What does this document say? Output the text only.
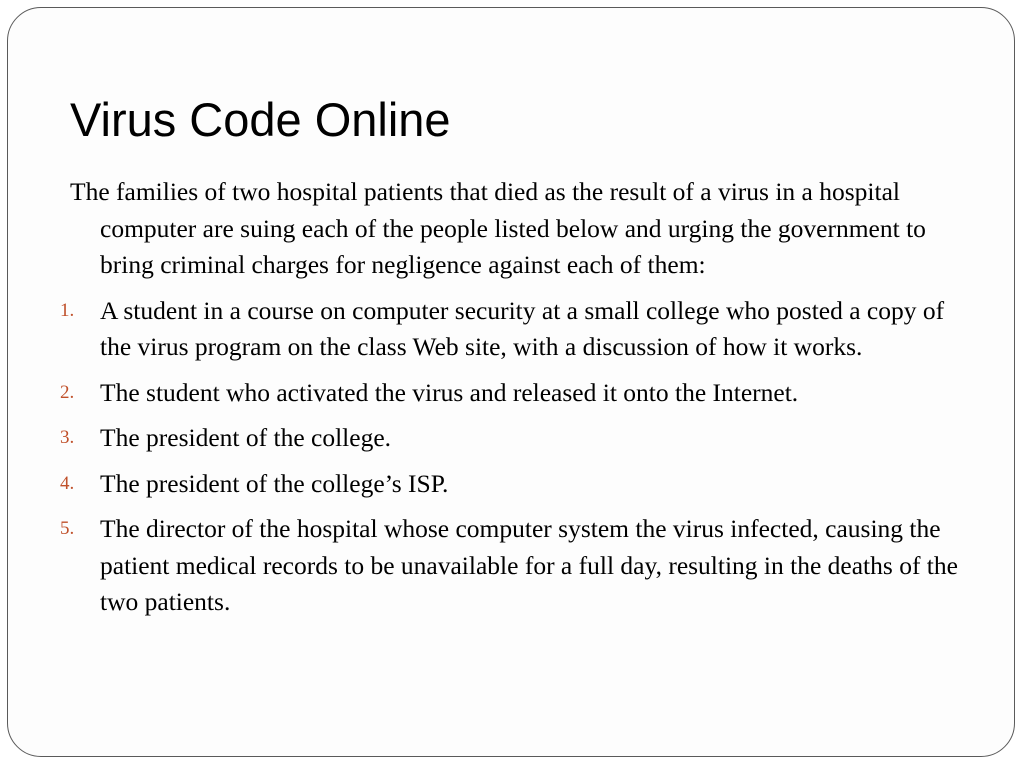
Virus Code Online

The families of two hospital patients that died as the result of a virus in a hospital computer are suing each of the people listed below and urging the government to bring criminal charges for negligence against each of them:

1. A student in a course on computer security at a small college who posted a copy of the virus program on the class Web site, with a discussion of how it works.
2. The student who activated the virus and released it onto the Internet.
3. The president of the college.
4. The president of the college’s ISP.
5. The director of the hospital whose computer system the virus infected, causing the patient medical records to be unavailable for a full day, resulting in the deaths of the two patients.
